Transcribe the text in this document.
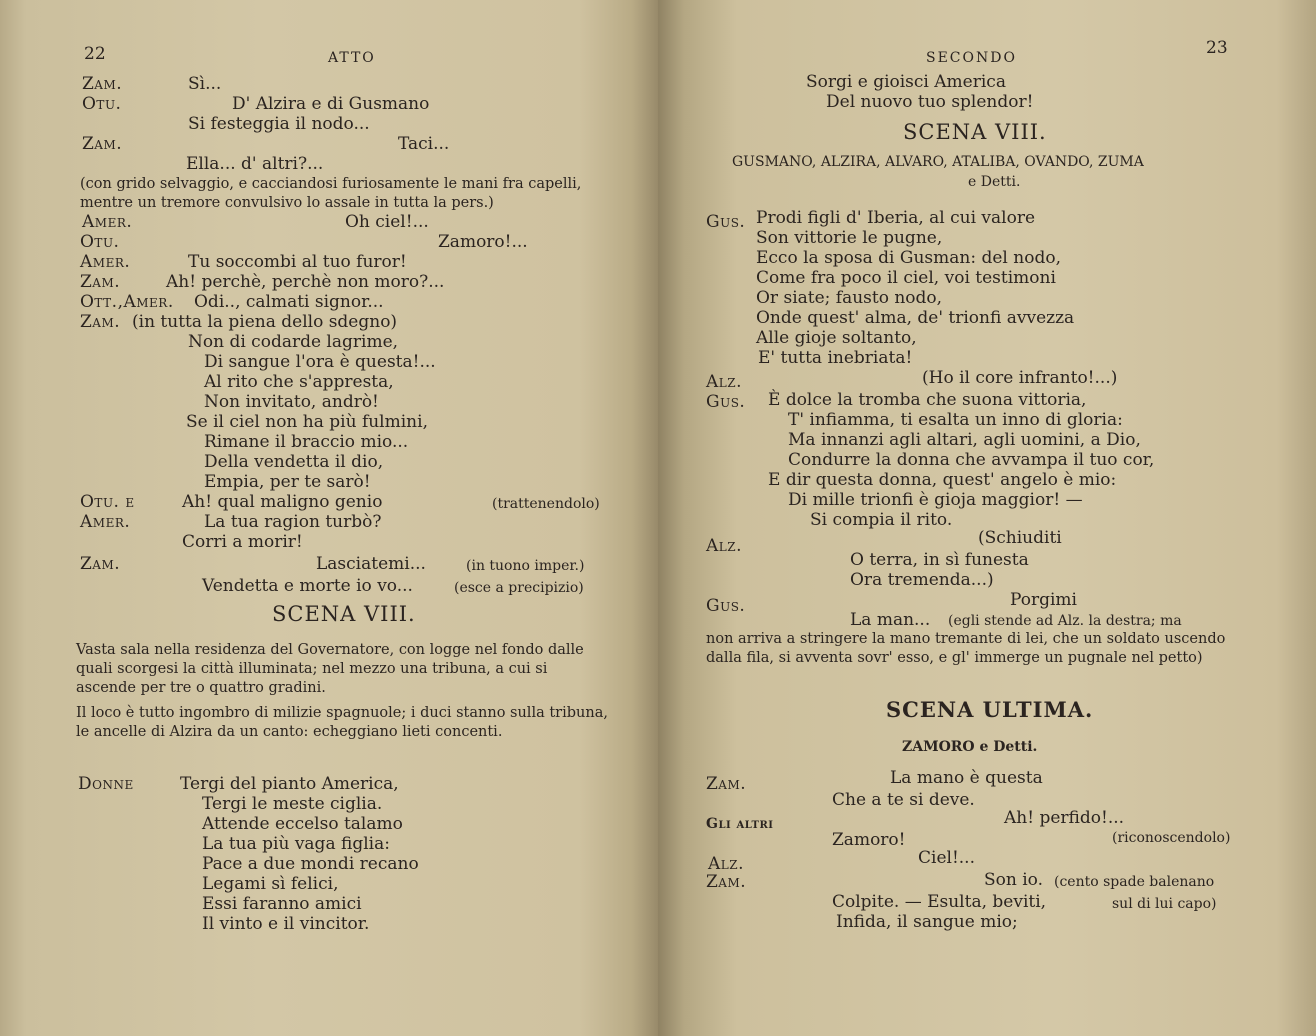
22	ATTO
Zam.	Sì...
Otu.	D' Alzira e di Gusmano
Si festeggia il nodo...
Zam.	Taci...
Ella... d' altri?...
(con grido selvaggio, e cacciandosi furiosamente le mani fra capelli, mentre un tremore convulsivo lo assale in tutta la pers.)
Amer.	Oh ciel!...
Otu.	Zamoro!...
Amer.	Tu soccombi al tuo furor!
Zam.	Ah! perchè, perchè non moro?...
Ott.,Amer. Odi.., calmati signor...
Zam. (in tutta la piena dello sdegno)
Non di codarde lagrime,
Di sangue l'ora è questa!...
Al rito che s'appresta,
Non invitato, andrò!
Se il ciel non ha più fulmini,
Rimane il braccio mio...
Della vendetta il dio,
Empia, per te sarò!
Otu. e	Ah! qual maligno genio	(trattenendolo)
Amer.	La tua ragion turbò?
Corri a morir!
Zam.	Lasciatemi...	(in tuono imper.)
Vendetta e morte io vo...	(esce a precipizio)
SCENA VIII.
Vasta sala nella residenza del Governatore, con logge nel fondo dalle quali scorgesi la città illuminata; nel mezzo una tribuna, a cui si ascende per tre o quattro gradini.
Il loco è tutto ingombro di milizie spagnuole; i duci stanno sulla tribuna, le ancelle di Alzira da un canto: echeggiano lieti concenti.
Donne	Tergi del pianto America,
Tergi le meste ciglia.
Attende eccelso talamo
La tua più vaga figlia:
Pace a due mondi recano
Legami sì felici,
Essi faranno amici
Il vinto e il vincitor.
SECONDO	23
Sorgi e gioisci America
Del nuovo tuo splendor!
SCENA VIII.
GUSMANO, ALZIRA, ALVARO, ATALIBA, OVANDO, ZUMA
e Detti.
Gus. Prodi figli d' Iberia, al cui valore
Son vittorie le pugne,
Ecco la sposa di Gusman: del nodo,
Come fra poco il ciel, voi testimoni
Or siate; fausto nodo,
Onde quest' alma, de' trionfi avvezza
Alle gioje soltanto,
E' tutta inebriata!
Alz.	(Ho il core infranto!...)
Gus. È dolce la tromba che suona vittoria,
T' infiamma, ti esalta un inno di gloria:
Ma innanzi agli altari, agli uomini, a Dio,
Condurre la donna che avvampa il tuo cor,
E dir questa donna, quest' angelo è mio:
Di mille trionfi è gioja maggior! —
Si compia il rito.
Alz.	(Schiuditi
O terra, in sì funesta
Ora tremenda...)
Gus.	Porgimi
La man... (egli stende ad Alz. la destra; ma
non arriva a stringere la mano tremante di lei, che un soldato uscendo dalla fila, si avventa sovr' esso, e gl' immerge un pugnale nel petto)
SCENA ULTIMA.
ZAMORO e Detti.
Zam.	La mano è questa
Che a te si deve.
Gli altri	Ah! perfido!...
Zamoro!	(riconoscendolo)
Alz.	Ciel!...
Zam.	Son io. (cento spade balenano
Colpite. — Esulta, beviti,	sul di lui capo)
Infida, il sangue mio;
